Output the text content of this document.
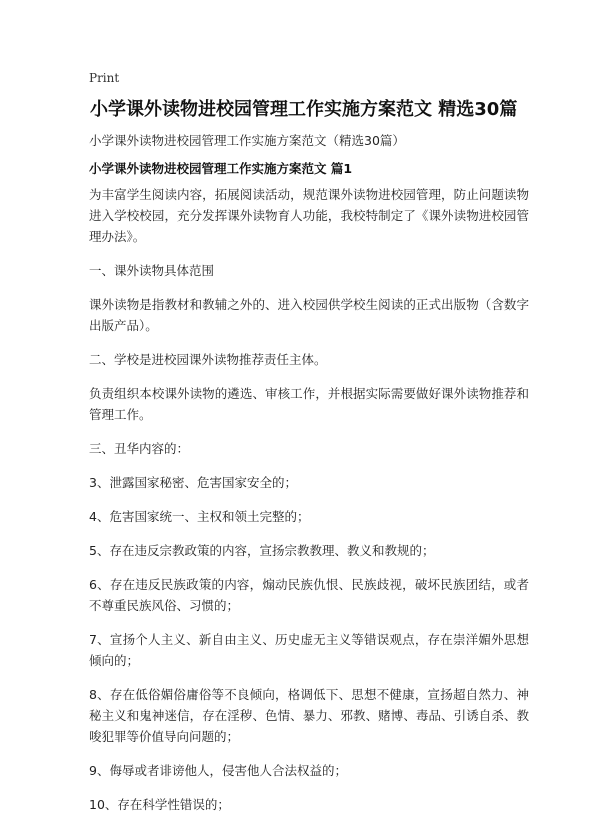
Print
小学课外读物进校园管理工作实施方案范文 精选30篇
小学课外读物进校园管理工作实施方案范文（精选30篇）
小学课外读物进校园管理工作实施方案范文 篇1

为丰富学生阅读内容，拓展阅读活动，规范课外读物进校园管理，防止问题读物进入学校校园，充分发挥课外读物育人功能，我校特制定了《课外读物进校园管理办法》。

一、课外读物具体范围

课外读物是指教材和教辅之外的、进入校园供学校生阅读的正式出版物（含数字出版产品）。

二、学校是进校园课外读物推荐责任主体。

负责组织本校课外读物的遴选、审核工作，并根据实际需要做好课外读物推荐和管理工作。

三、丑华内容的：

3、泄露国家秘密、危害国家安全的；

4、危害国家统一、主权和领土完整的；

5、存在违反宗教政策的内容，宣扬宗教教理、教义和教规的；

6、存在违反民族政策的内容，煽动民族仇恨、民族歧视，破坏民族团结，或者不尊重民族风俗、习惯的；

7、宣扬个人主义、新自由主义、历史虚无主义等错误观点，存在崇洋媚外思想倾向的；

8、存在低俗媚俗庸俗等不良倾向，格调低下、思想不健康，宣扬超自然力、神秘主义和鬼神迷信，存在淫秽、色情、暴力、邪教、赌博、毒品、引诱自杀、教唆犯罪等价值导向问题的；

9、侮辱或者诽谤他人，侵害他人合法权益的；

10、存在科学性错误的；
